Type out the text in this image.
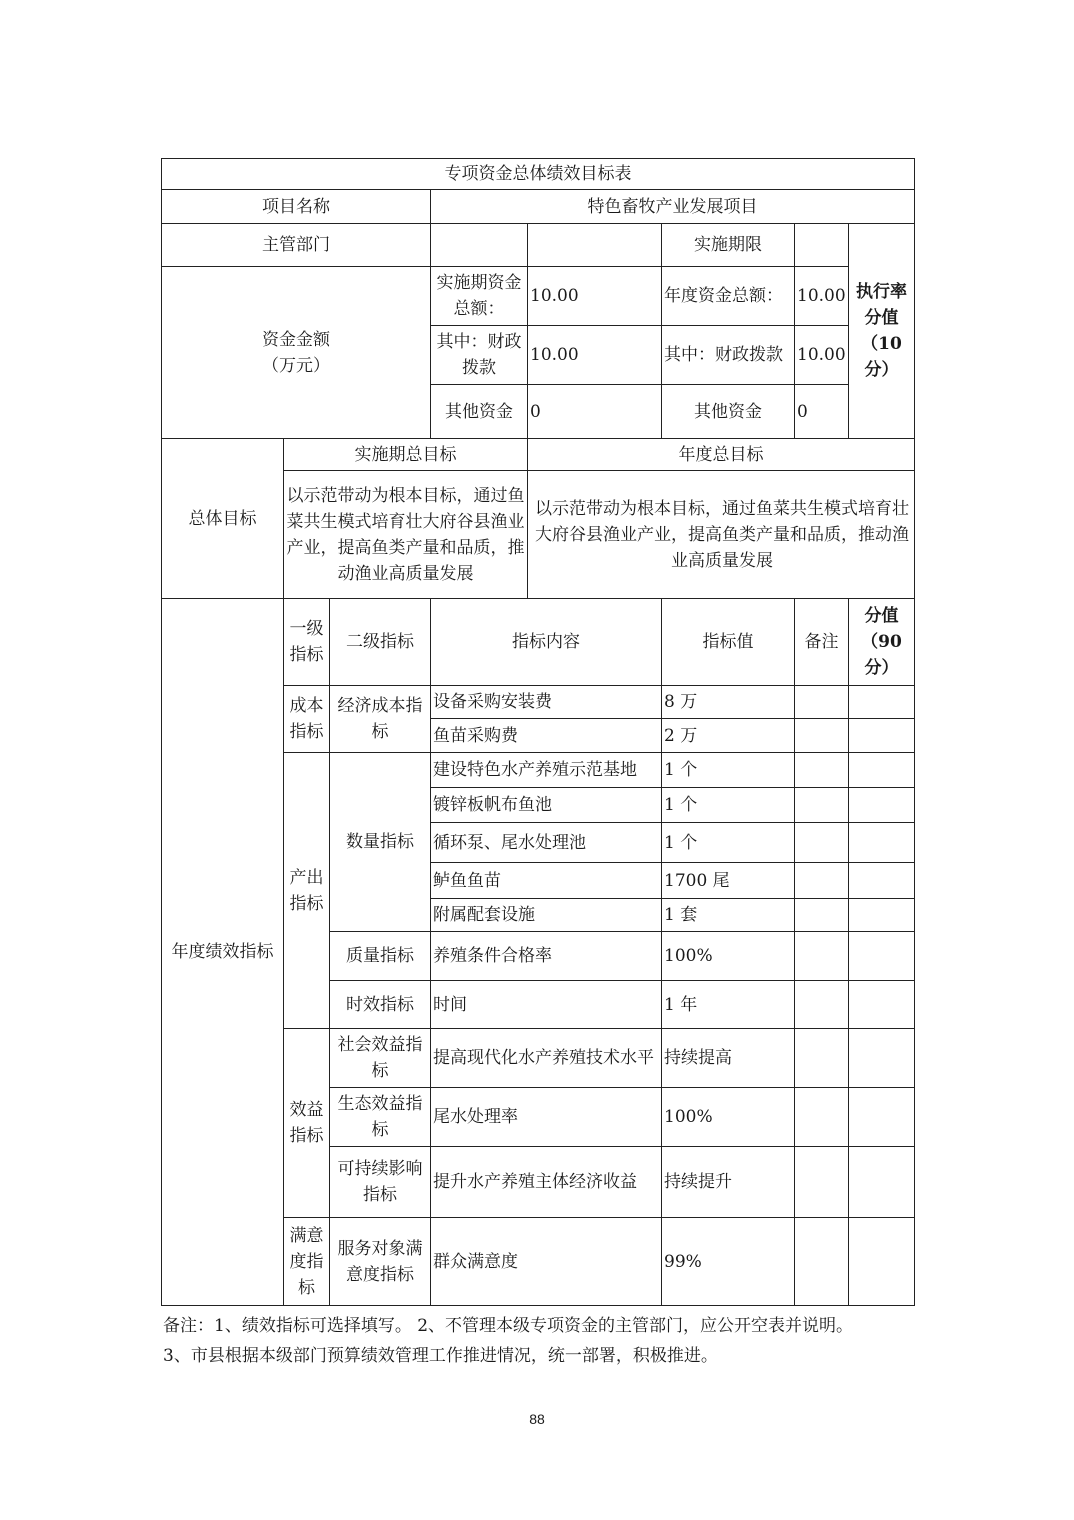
专项资金总体绩效目标表							
项目名称			特色畜牧产业发展项目				
主管部门					实施期限		执行率分值（10分）
资金金额
（万元）			实施期资金总额：	10.00	年度资金总额：	10.00	
			其中：财政拨款	10.00	其中：财政拨款	10.00	
			其他资金	0	其他资金	0	
总体目标	实施期总目标			年度总目标			
	以示范带动为根本目标，通过鱼菜共生模式培育壮大府谷县渔业产业，提高鱼类产量和品质，推动渔业高质量发展			以示范带动为根本目标，通过鱼菜共生模式培育壮大府谷县渔业产业，提高鱼类产量和品质，推动渔业高质量发展			
年度绩效指标	一级指标	二级指标	指标内容		指标值	备注	分值（90分）
	成本指标	经济成本指标	设备采购安装费		8 万		
			鱼苗采购费		2 万		
	产出指标	数量指标	建设特色水产养殖示范基地		1 个		
			镀锌板帆布鱼池		1 个		
			循环泵、尾水处理池		1 个		
			鲈鱼鱼苗		1700 尾		
			附属配套设施		1 套		
		质量指标	养殖条件合格率		100%		
		时效指标	时间		1 年		
	效益指标	社会效益指标	提高现代化水产养殖技术水平		持续提高		
		生态效益指标	尾水处理率		100%		
		可持续影响指标	提升水产养殖主体经济收益		持续提升		
	满意度指标	服务对象满意度指标	群众满意度		99%		

备注：1、绩效指标可选择填写。 2、不管理本级专项资金的主管部门，应公开空表并说明。3、市县根据本级部门预算绩效管理工作推进情况，统一部署，积极推进。

88
